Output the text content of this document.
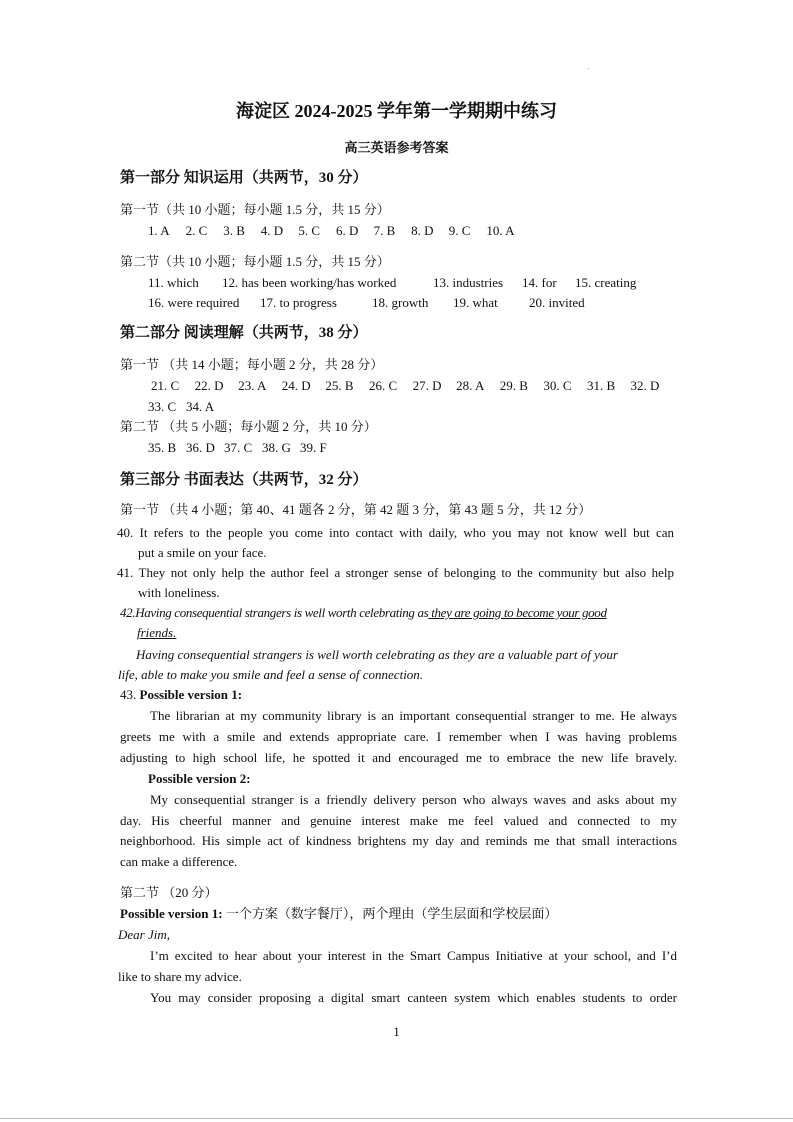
海淀区 2024-2025 学年第一学期期中练习
高三英语参考答案
第一部分 知识运用（共两节，30 分）
第一节（共 10 小题；每小题 1.5 分，共 15 分）
1. A 2. C 3. B 4. D 5. C 6. D 7. B 8. D 9. C 10. A
第二节（共 10 小题；每小题 1.5 分，共 15 分）
11. which 12. has been working/has worked	13. industries 14. for 15. creating
16. were required 17. to progress	18. growth 19. what 20. invited
第二部分 阅读理解（共两节，38 分）
第一节 （共 14 小题；每小题 2 分，共 28 分）
21. C 22. D 23. A 24. D 25. B 26. C 27. D 28. A 29. B 30. C 31. B 32. D
33. C 34. A
第二节 （共 5 小题；每小题 2 分，共 10 分）
35. B 36. D 37. C 38. G 39. F
第三部分 书面表达（共两节，32 分）
第一节 （共 4 小题；第 40、41 题各 2 分，第 42 题 3 分，第 43 题 5 分，共 12 分）
40. It refers to the people you come into contact with daily, who you may not know well but can
put a smile on your face.
41. They not only help the author feel a stronger sense of belonging to the community but also help
with loneliness.
42.Having consequential strangers is well worth celebrating as they are going to become your good
friends.
Having consequential strangers is well worth celebrating as they are a valuable part of your
life, able to make you smile and feel a sense of connection.
43. Possible version 1:
The librarian at my community library is an important consequential stranger to me. He always
greets me with a smile and extends appropriate care. I remember when I was having problems
adjusting to high school life, he spotted it and encouraged me to embrace the new life bravely.
Possible version 2:
My consequential stranger is a friendly delivery person who always waves and asks about my
day. His cheerful manner and genuine interest make me feel valued and connected to my
neighborhood. His simple act of kindness brightens my day and reminds me that small interactions
can make a difference.
第二节 （20 分）
Possible version 1: 一个方案（数字餐厅），两个理由（学生层面和学校层面）
Dear Jim,
I’m excited to hear about your interest in the Smart Campus Initiative at your school, and I’d
like to share my advice.
You may consider proposing a digital smart canteen system which enables students to order
1
